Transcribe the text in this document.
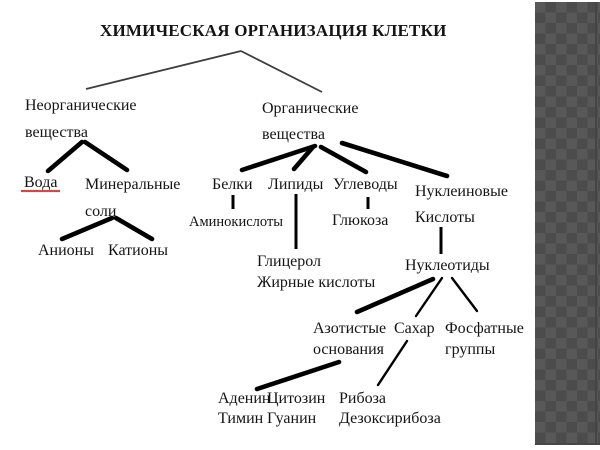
ХИМИЧЕСКАЯ ОРГАНИЗАЦИЯ КЛЕТКИ
Неорганические
вещества
Органические
вещества
Вода Минеральные
соли
Анионы Катионы
Белки Липиды Углеводы Нуклеиновые
Кислоты
Аминокислоты	Глюкоза
Глицерол
Жирные кислоты
Нуклеотиды
Азотистые
основания
Сахар Фосфатные
группы
Аденин
Тимин
Цитозин
Гуанин
Рибоза
Дезоксирибоза
